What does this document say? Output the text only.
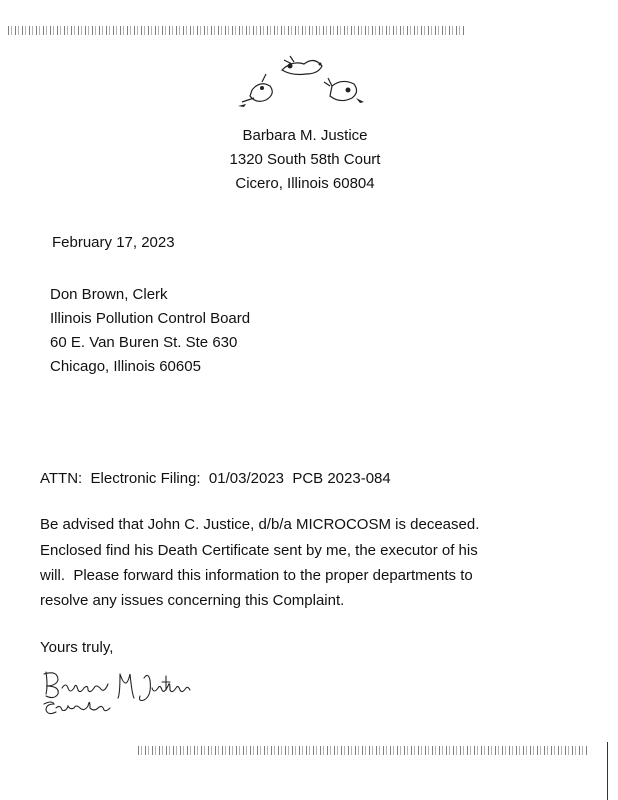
Barbara M. Justice
1320 South 58th Court
Cicero, Illinois 60804
February 17, 2023
Don Brown, Clerk
Illinois Pollution Control Board
60 E. Van Buren St. Ste 630
Chicago, Illinois 60605
ATTN:  Electronic Filing:  01/03/2023  PCB 2023-084
Be advised that John C. Justice, d/b/a MICROCOSM is deceased.
Enclosed find his Death Certificate sent by me, the executor of his
will.  Please forward this information to the proper departments to
resolve any issues concerning this Complaint.
Yours truly,
